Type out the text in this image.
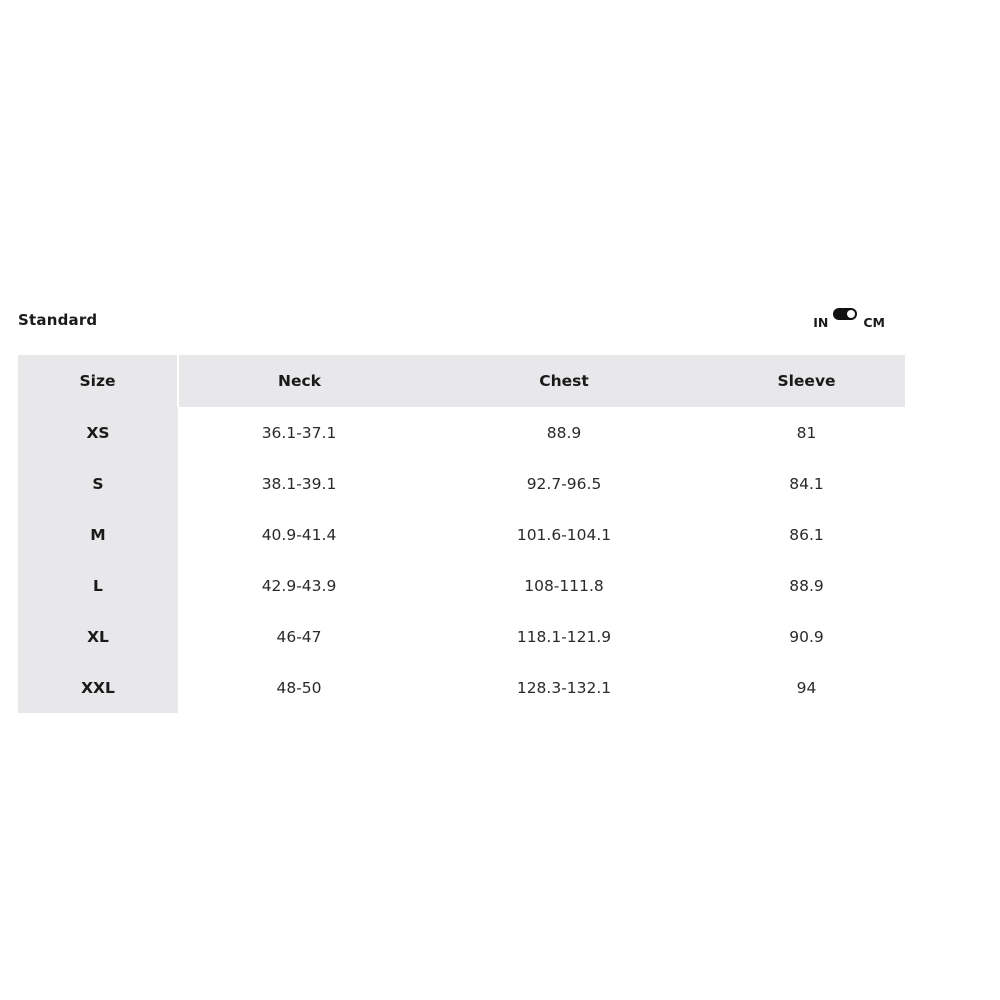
Standard	IN	CM
Size	Neck	Chest	Sleeve
XS	36.1-37.1	88.9	81
S	38.1-39.1	92.7-96.5	84.1
M	40.9-41.4	101.6-104.1	86.1
L	42.9-43.9	108-111.8	88.9
XL	46-47	118.1-121.9	90.9
XXL	48-50	128.3-132.1	94
